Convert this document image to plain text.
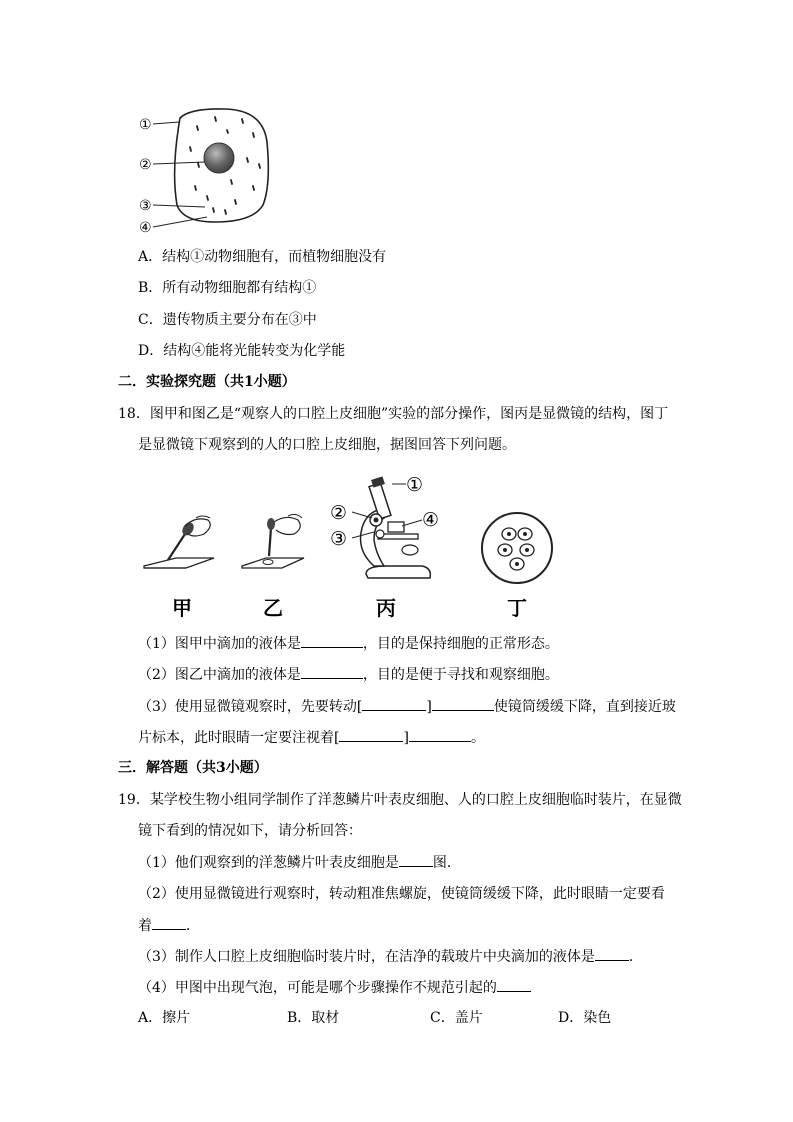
①
②
③
④
A．结构①动物细胞有，而植物细胞没有
B．所有动物细胞都有结构①
C．遗传物质主要分布在③中
D．结构④能将光能转变为化学能
二．实验探究题（共1小题）
18．图甲和图乙是“观察人的口腔上皮细胞”实验的部分操作，图丙是显微镜的结构，图丁
是显微镜下观察到的人的口腔上皮细胞，据图回答下列问题。
①
②
③
④
甲	乙	丙	丁
（1）图甲中滴加的液体是	，目的是保持细胞的正常形态。
（2）图乙中滴加的液体是	，目的是便于寻找和观察细胞。
（3）使用显微镜观察时，先要转动[	]	使镜筒缓缓下降，直到接近玻
片标本，此时眼睛一定要注视着[	]	。
三．解答题（共3小题）
19．某学校生物小组同学制作了洋葱鳞片叶表皮细胞、人的口腔上皮细胞临时装片，在显微
镜下看到的情况如下，请分析回答：
（1）他们观察到的洋葱鳞片叶表皮细胞是 图．
（2）使用显微镜进行观察时，转动粗准焦螺旋，使镜筒缓缓下降，此时眼睛一定要看
着 ．
（3）制作人口腔上皮细胞临时装片时，在洁净的载玻片中央滴加的液体是 ．
（4）甲图中出现气泡，可能是哪个步骤操作不规范引起的
A．擦片	B．取材	C．盖片	D．染色
